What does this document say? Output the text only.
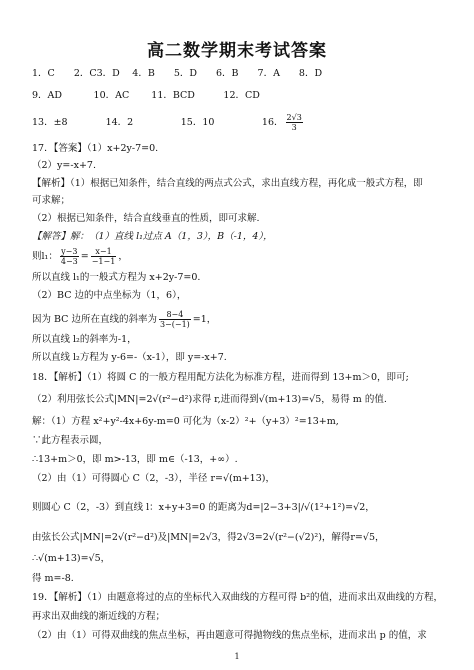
高二数学期末考试答案
1．C　　2．C3．D　 4．B　　5．D　　6．B　　7．A　　8．D
9．AD　　　 10．AC　　 11．BCD　　　12．CD
13．±8　　　　14．2　　　　　15．10　　　　　16． $\frac{2√3}{3}$
17．【答案】（1）x+2y-7=0.
（2）y=-x+7.
【解析】（1）根据已知条件，结合直线的两点式公式，求出直线方程，再化成一般式方程，即
可求解；
（2）根据已知条件，结合直线垂直的性质，即可求解.
【解答】解：（1）直线 l₁过点 A（1，3），B（-1，4），
则l₁： $\frac{y-3}{4-3} = \frac{x-1}{-1-1}$ ，
所以直线 l₁的一般式方程为 x+2y-7=0.
（2）BC 边的中点坐标为（1，6），
因为 BC 边所在直线的斜率为 $\frac{8-4}{3-(-1)} =1$，
所以直线 l₂的斜率为-1，
所以直线 l₂方程为 y-6=-（x-1），即 y=-x+7.
18．【解析】（1）将圆 C 的一般方程用配方法化为标准方程，进而得到 13+m＞0，即可;
（2）利用弦长公式|MN|=2√(r²−d²)求得 r,进而得到√(m+13)=√5，易得 m 的值.
解：（1）方程 x²+y²-4x+6y-m=0 可化为（x-2）²+（y+3）²=13+m,
∵此方程表示圆，
∴13+m＞0，即 m>-13，即 m∈（-13，+∞）.
（2）由（1）可得圆心 C（2，-3），半径 r=√(m+13)，
则圆心 C（2，-3）到直线 l：x+y+3=0 的距离为d=|2−3+3|/√(1²+1²)=√2，
由弦长公式|MN|=2√(r²−d²)及|MN|=2√3，得2√3=2√(r²−(√2)²)，解得r=√5，
∴√(m+13)=√5，
得 m=-8.
19．【解析】（1）由题意将过的点的坐标代入双曲线的方程可得 b²的值，进而求出双曲线的方程，
再求出双曲线的渐近线的方程；
（2）由（1）可得双曲线的焦点坐标，再由题意可得抛物线的焦点坐标，进而求出 p 的值，求
1
